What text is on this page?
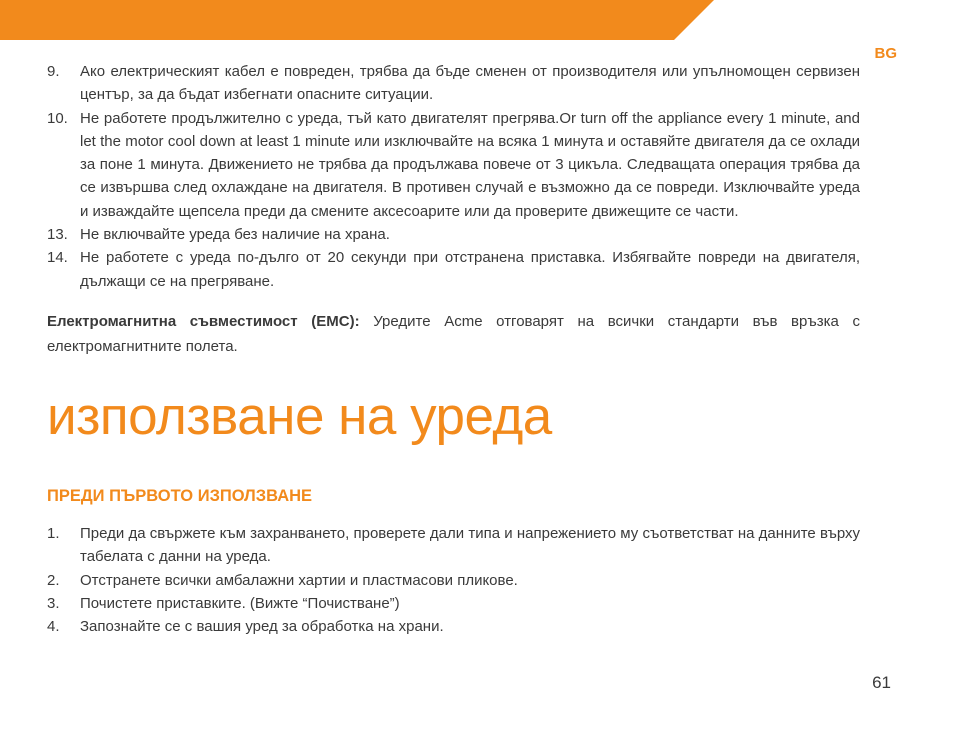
BG
9. Ако електрическият кабел е повреден, трябва да бъде сменен от производителя или упълномощен сервизен център, за да бъдат избегнати опасните ситуации.
10. Не работете продължително с уреда, тъй като двигателят прегрява.Or turn off the appliance every 1 minute, and let the motor cool down at least 1 minute или изключвайте на всяка 1 минута и оставяйте двигателя да се охлади за поне 1 минута. Движението не трябва да продължава повече от 3 цикъла. Следващата операция трябва да се извършва след охлаждане на двигателя. В противен случай е възможно да се повреди. Изключвайте уреда и изваждайте щепсела преди да смените аксесоарите или да проверите движещите се части.
13. Не включвайте уреда без наличие на храна.
14. Не работете с уреда по-дълго от 20 секунди при отстранена приставка. Избягвайте повреди на двигателя, дължащи се на прегряване.

Електромагнитна съвместимост (EMC): Уредите Acme отговарят на всички стандарти във връзка с електромагнитните полета.

използване на уреда
ПРЕДИ ПЪРВОТО ИЗПОЛЗВАНЕ
1. Преди да свържете към захранването, проверете дали типа и напрежението му съответстват на данните върху табелата с данни на уреда.
2. Отстранете всички амбалажни хартии и пластмасови пликове.
3. Почистете приставките. (Вижте “Почистване”)
4. Запознайте се с вашия уред за обработка на храни.
61
